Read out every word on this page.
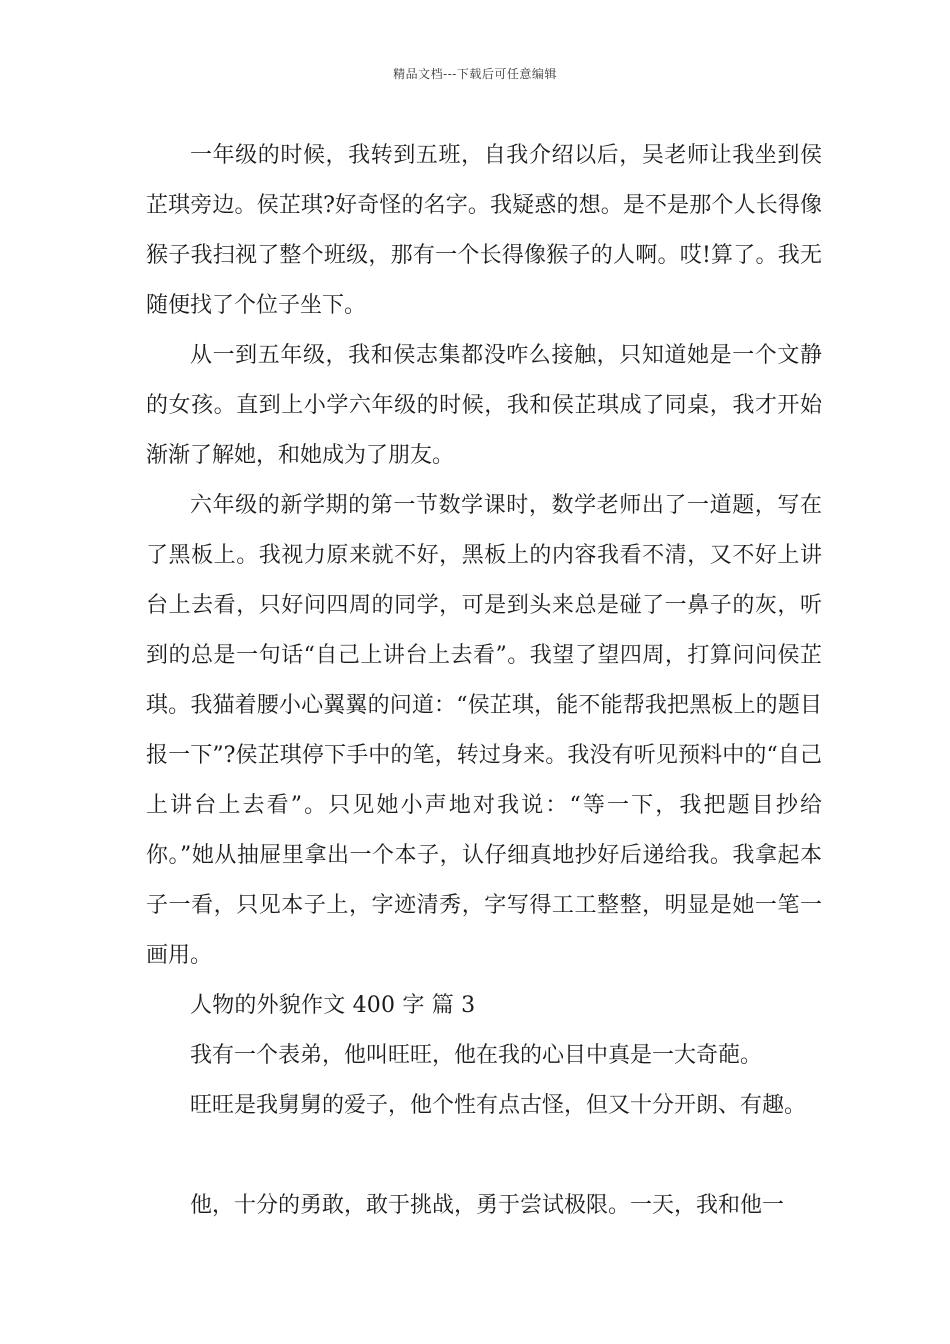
精品文档---下载后可任意编辑

一年级的时候，我转到五班，自我介绍以后，吴老师让我坐到侯芷琪旁边。侯芷琪?好奇怪的名字。我疑惑的想。是不是那个人长得像猴子我扫视了整个班级，那有一个长得像猴子的人啊。哎!算了。我无随便找了个位子坐下。

从一到五年级，我和侯志集都没咋么接触，只知道她是一个文静的女孩。直到上小学六年级的时候，我和侯芷琪成了同桌，我才开始渐渐了解她，和她成为了朋友。

六年级的新学期的第一节数学课时，数学老师出了一道题，写在了黑板上。我视力原来就不好，黑板上的内容我看不清，又不好上讲台上去看，只好问四周的同学，可是到头来总是碰了一鼻子的灰，听到的总是一句话“自己上讲台上去看”。我望了望四周，打算问问侯芷琪。我猫着腰小心翼翼的问道：“侯芷琪，能不能帮我把黑板上的题目报一下”?侯芷琪停下手中的笔，转过身来。我没有听见预料中的“自己上讲台上去看”。只见她小声地对我说：“等一下，我把题目抄给你。”她从抽屉里拿出一个本子，认仔细真地抄好后递给我。我拿起本子一看，只见本子上，字迹清秀，字写得工工整整，明显是她一笔一画用。

人物的外貌作文 400 字 篇 3

我有一个表弟，他叫旺旺，他在我的心目中真是一大奇葩。

旺旺是我舅舅的爱子，他个性有点古怪，但又十分开朗、有趣。

他，十分的勇敢，敢于挑战，勇于尝试极限。一天，我和他一
